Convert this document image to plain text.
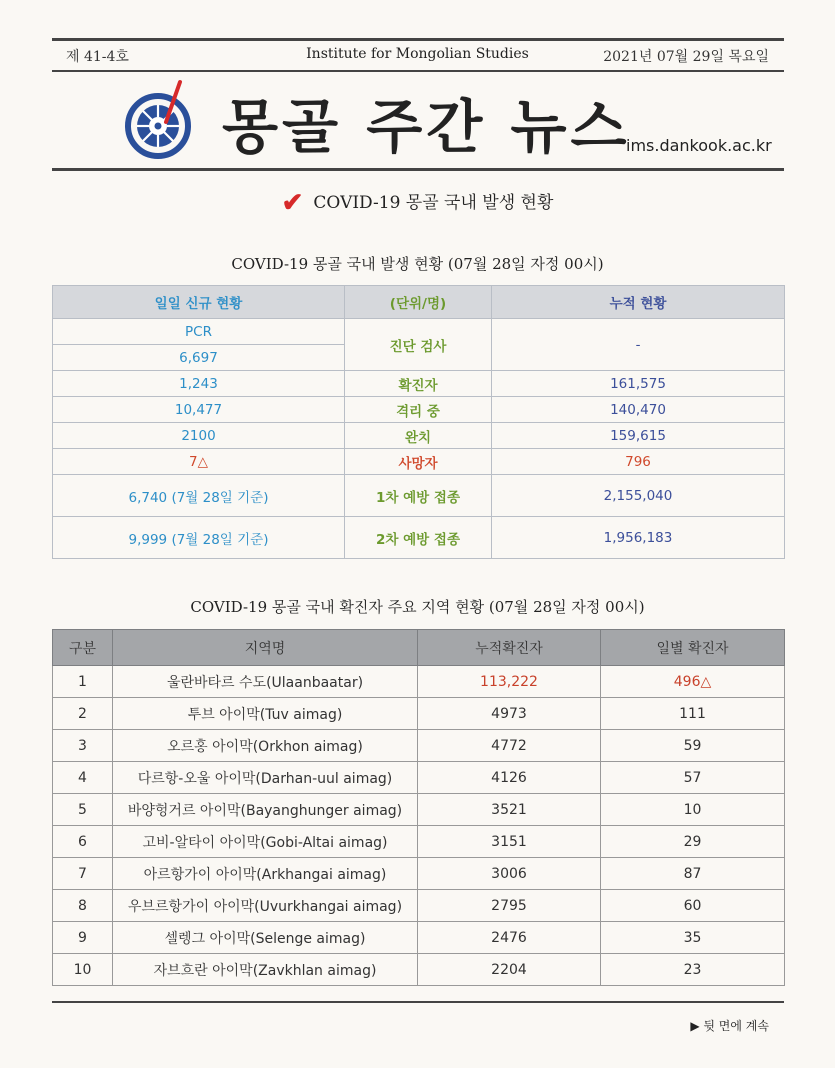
제 41-4호	Institute for Mongolian Studies	2021년 07월 29일 목요일
몽골 주간 뉴스
ims.dankook.ac.kr
✔ COVID-19 몽골 국내 발생 현황
COVID-19 몽골 국내 발생 현황 (07월 28일 자정 00시)
일일 신규 현황	(단위/명)	누적 현황
PCR	진단 검사	-
6,697		
1,243	확진자	161,575
10,477	격리 중	140,470
2100	완치	159,615
7△	사망자	796
6,740 (7월 28일 기준)	1차 예방 접종	2,155,040
9,999 (7월 28일 기준)	2차 예방 접종	1,956,183
COVID-19 몽골 국내 확진자 주요 지역 현황 (07월 28일 자정 00시)
구분	지역명	누적확진자	일별 확진자
1	울란바타르 수도(Ulaanbaatar)	113,222	496△
2	투브 아이막(Tuv aimag)	4973	111
3	오르홍 아이막(Orkhon aimag)	4772	59
4	다르항-오울 아이막(Darhan-uul aimag)	4126	57
5	바양헝거르 아이막(Bayanghunger aimag)	3521	10
6	고비-알타이 아이막(Gobi-Altai aimag)	3151	29
7	아르항가이 아이막(Arkhangai aimag)	3006	87
8	우브르항가이 아이막(Uvurkhangai aimag)	2795	60
9	셀렝그 아이막(Selenge aimag)	2476	35
10	자브흐란 아이막(Zavkhlan aimag)	2204	23
▶ 뒷 면에 계속
